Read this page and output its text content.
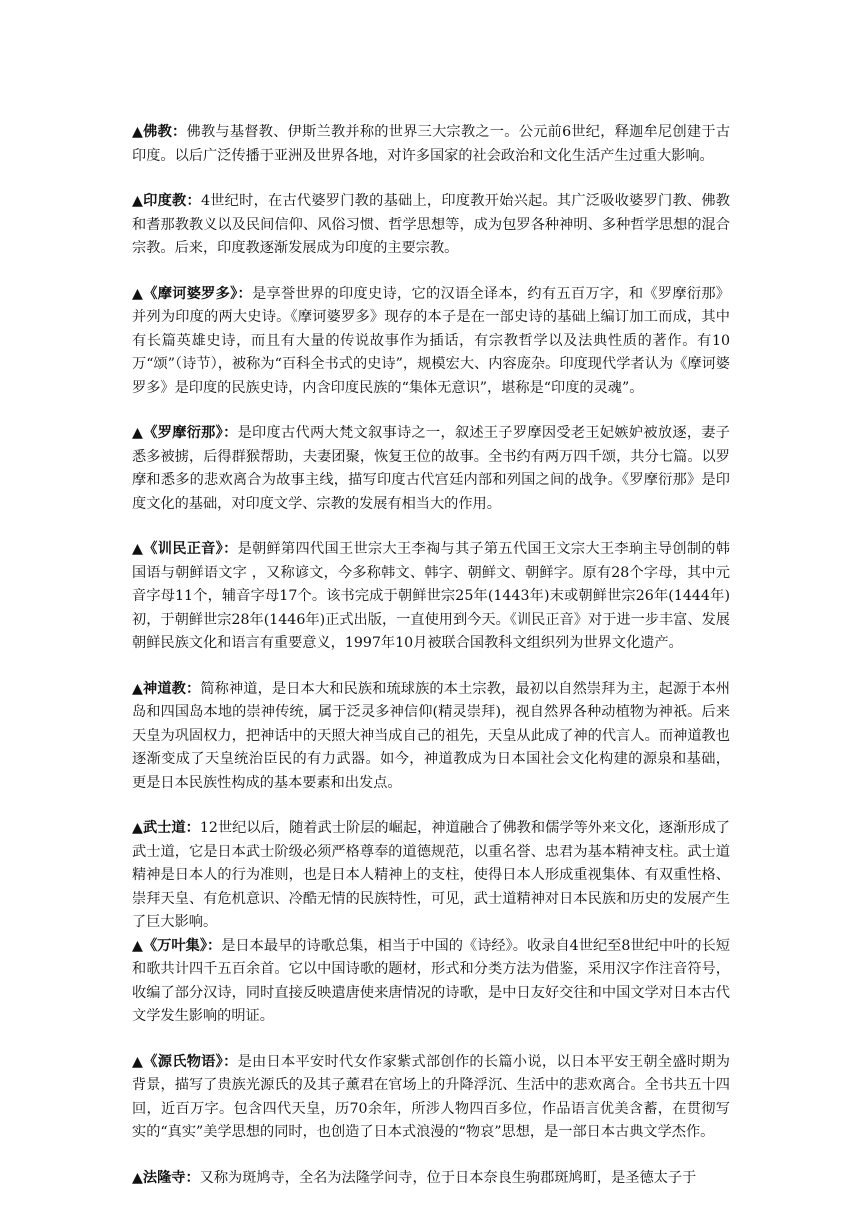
▲佛教：佛教与基督教、伊斯兰教并称的世界三大宗教之一。公元前6世纪，释迦牟尼创建于古印度。以后广泛传播于亚洲及世界各地，对许多国家的社会政治和文化生活产生过重大影响。

▲印度教：4世纪时，在古代婆罗门教的基础上，印度教开始兴起。其广泛吸收婆罗门教、佛教和耆那教教义以及民间信仰、风俗习惯、哲学思想等，成为包罗各种神明、多种哲学思想的混合宗教。后来，印度教逐渐发展成为印度的主要宗教。

▲《摩诃婆罗多》：是享誉世界的印度史诗，它的汉语全译本，约有五百万字，和《罗摩衍那》并列为印度的两大史诗。《摩诃婆罗多》现存的本子是在一部史诗的基础上编订加工而成，其中有长篇英雄史诗，而且有大量的传说故事作为插话，有宗教哲学以及法典性质的著作。有10万“颂”（诗节），被称为“百科全书式的史诗”，规模宏大、内容庞杂。印度现代学者认为《摩诃婆罗多》是印度的民族史诗，内含印度民族的“集体无意识”，堪称是“印度的灵魂”。

▲《罗摩衍那》：是印度古代两大梵文叙事诗之一，叙述王子罗摩因受老王妃嫉妒被放逐，妻子悉多被掳，后得群猴帮助，夫妻团聚，恢复王位的故事。全书约有两万四千颂，共分七篇。以罗摩和悉多的悲欢离合为故事主线，描写印度古代宫廷内部和列国之间的战争。《罗摩衍那》是印度文化的基础，对印度文学、宗教的发展有相当大的作用。

▲《训民正音》：是朝鲜第四代国王世宗大王李祹与其子第五代国王文宗大王李珦主导创制的韩国语与朝鲜语文字 ，又称谚文，今多称韩文、韩字、朝鲜文、朝鲜字。原有28个字母，其中元音字母11个，辅音字母17个。该书完成于朝鲜世宗25年(1443年)末或朝鲜世宗26年(1444年)初，于朝鲜世宗28年(1446年)正式出版，一直使用到今天。《训民正音》对于进一步丰富、发展朝鲜民族文化和语言有重要意义，1997年10月被联合国教科文组织列为世界文化遗产。

▲神道教：简称神道，是日本大和民族和琉球族的本土宗教，最初以自然崇拜为主，起源于本州岛和四国岛本地的崇神传统，属于泛灵多神信仰(精灵崇拜)，视自然界各种动植物为神祇。后来天皇为巩固权力，把神话中的天照大神当成自己的祖先，天皇从此成了神的代言人。而神道教也逐渐变成了天皇统治臣民的有力武器。如今，神道教成为日本国社会文化构建的源泉和基础， 更是日本民族性构成的基本要素和出发点。

▲武士道：12世纪以后，随着武士阶层的崛起，神道融合了佛教和儒学等外来文化，逐渐形成了武士道，它是日本武士阶级必须严格尊奉的道德规范，以重名誉、忠君为基本精神支柱。武士道精神是日本人的行为准则，也是日本人精神上的支柱，使得日本人形成重视集体、有双重性格、崇拜天皇、有危机意识、冷酷无情的民族特性，可见，武士道精神对日本民族和历史的发展产生了巨大影响。

▲《万叶集》：是日本最早的诗歌总集，相当于中国的《诗经》。收录自4世纪至8世纪中叶的长短和歌共计四千五百余首。它以中国诗歌的题材，形式和分类方法为借鉴，采用汉字作注音符号，收编了部分汉诗，同时直接反映遣唐使来唐情况的诗歌，是中日友好交往和中国文学对日本古代文学发生影响的明证。

▲《源氏物语》：是由日本平安时代女作家紫式部创作的长篇小说，以日本平安王朝全盛时期为背景，描写了贵族光源氏的及其子薰君在官场上的升降浮沉、生活中的悲欢离合。全书共五十四回，近百万字。包含四代天皇，历70余年，所涉人物四百多位，作品语言优美含蓄，在贯彻写实的“真实”美学思想的同时，也创造了日本式浪漫的“物哀”思想，是一部日本古典文学杰作。

▲法隆寺：又称为斑鸠寺，全名为法隆学问寺，位于日本奈良生驹郡斑鸠町，是圣德太子于
